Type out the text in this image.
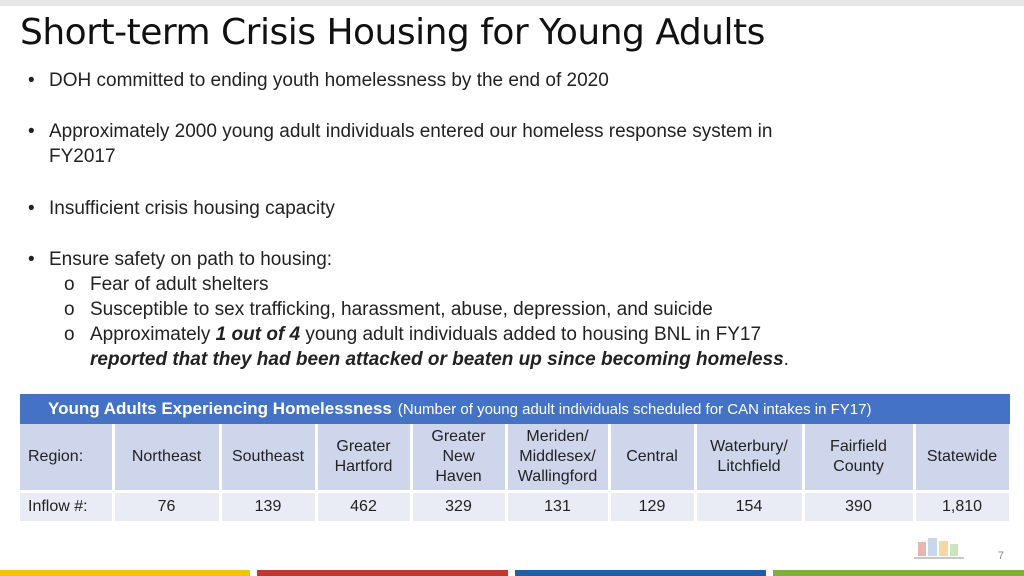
Short-term Crisis Housing for Young Adults
• DOH committed to ending youth homelessness by the end of 2020
• Approximately 2000 young adult individuals entered our homeless response system in
FY2017
• Insufficient crisis housing capacity
• Ensure safety on path to housing:
o Fear of adult shelters
o Susceptible to sex trafficking, harassment, abuse, depression, and suicide
o Approximately 1 out of 4 young adult individuals added to housing BNL in FY17
reported that they had been attacked or beaten up since becoming homeless.
Young Adults Experiencing Homelessness (Number of young adult individuals scheduled for CAN intakes in FY17)
Region:	Northeast	Southeast	Greater
Hartford	Greater
New
Haven	Meriden/
Middlesex/
Wallingford	Central	Waterbury/
Litchfield	Fairfield
County	Statewide
Inflow #:	76	139	462	329	131	129	154	390	1,810
7
